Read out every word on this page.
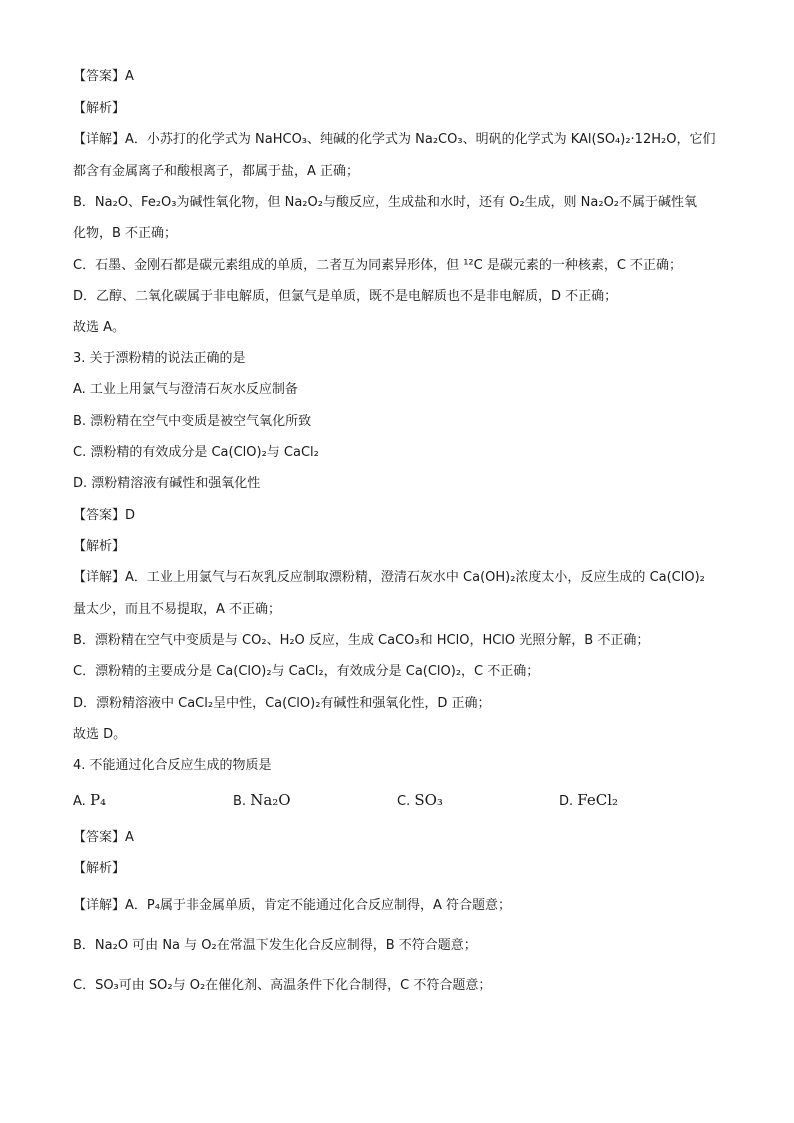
【答案】A
【解析】
【详解】A．小苏打的化学式为 NaHCO₃、纯碱的化学式为 Na₂CO₃、明矾的化学式为 KAl(SO₄)₂·12H₂O，它们
都含有金属离子和酸根离子，都属于盐，A 正确；
B．Na₂O、Fe₂O₃为碱性氧化物，但 Na₂O₂与酸反应，生成盐和水时，还有 O₂生成，则 Na₂O₂不属于碱性氧
化物，B 不正确；
C．石墨、金刚石都是碳元素组成的单质，二者互为同素异形体，但 ¹²C 是碳元素的一种核素，C 不正确；
D．乙醇、二氧化碳属于非电解质，但氯气是单质，既不是电解质也不是非电解质，D 不正确；
故选 A。
3. 关于漂粉精的说法正确的是
A. 工业上用氯气与澄清石灰水反应制备
B. 漂粉精在空气中变质是被空气氧化所致
C. 漂粉精的有效成分是 Ca(ClO)₂与 CaCl₂
D. 漂粉精溶液有碱性和强氧化性
【答案】D
【解析】
【详解】A．工业上用氯气与石灰乳反应制取漂粉精，澄清石灰水中 Ca(OH)₂浓度太小，反应生成的 Ca(ClO)₂
量太少，而且不易提取，A 不正确；
B．漂粉精在空气中变质是与 CO₂、H₂O 反应，生成 CaCO₃和 HClO，HClO 光照分解，B 不正确；
C．漂粉精的主要成分是 Ca(ClO)₂与 CaCl₂，有效成分是 Ca(ClO)₂，C 不正确；
D．漂粉精溶液中 CaCl₂呈中性，Ca(ClO)₂有碱性和强氧化性，D 正确；
故选 D。
4. 不能通过化合反应生成的物质是
【答案】A
【解析】
【详解】A．P₄属于非金属单质，肯定不能通过化合反应制得，A 符合题意；
B．Na₂O 可由 Na 与 O₂在常温下发生化合反应制得，B 不符合题意；
C．SO₃可由 SO₂与 O₂在催化剂、高温条件下化合制得，C 不符合题意；
A. P₄	B. Na₂O	C. SO₃	D. FeCl₂
